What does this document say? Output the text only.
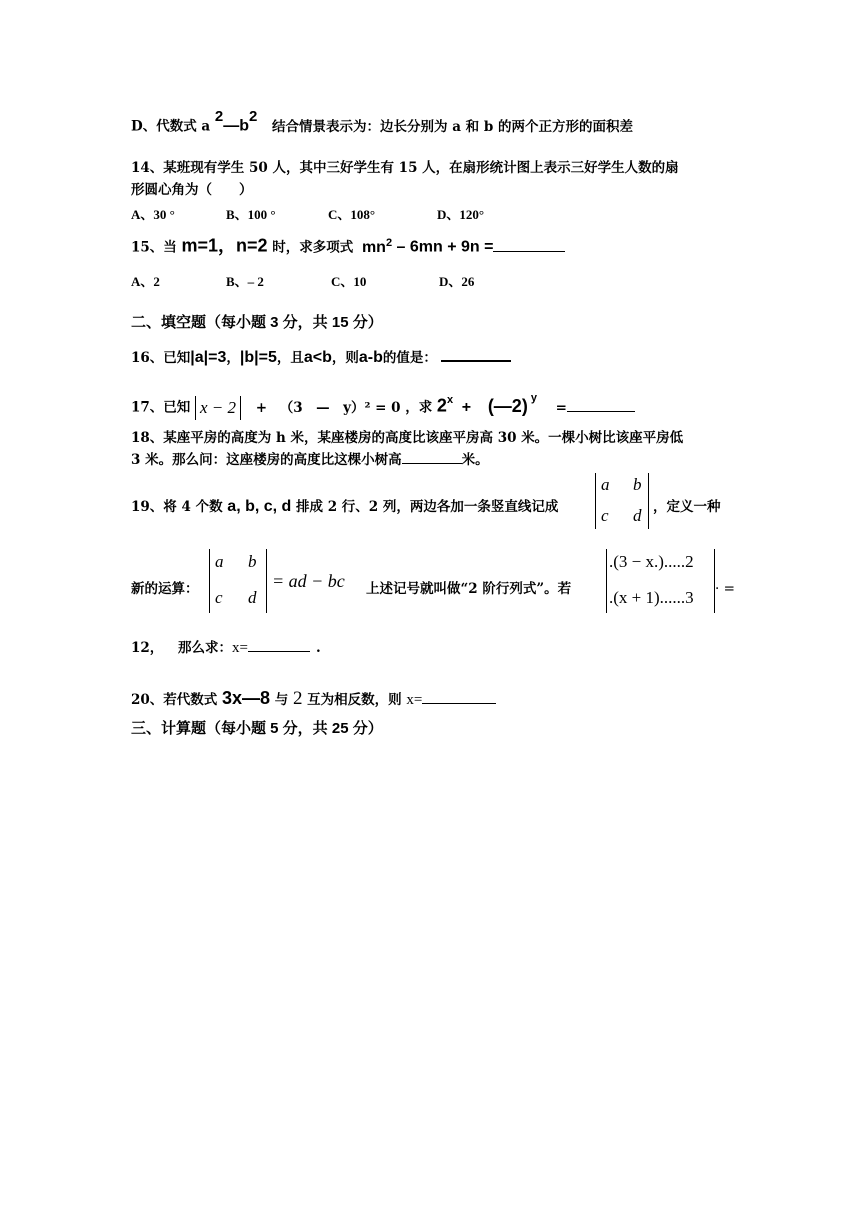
D、代数式 a $^2—b^2$ 结合情景表示为：边长分别为 a 和 b 的两个正方形的面积差
14、某班现有学生 50 人，其中三好学生有 15 人，在扇形统计图上表示三好学生人数的扇
形圆心角为（　　）
A、30 °	B、100 °	C、108°	D、120°
15、当 m=1，n=2 时，求多项式 $mn^2 - 6mn + 9n$ =
A、2	B、– 2	C、10	D、26
二、填空题（每小题 3 分，共 15 分）
16、已知|a|=3，|b|=5，且a<b，则a-b的值是：
17、已知 x − 2 + （3　—　y）² = 0 ，求 $2^x$ + (—2) $^y$ =
18、某座平房的高度为 h 米，某座楼房的高度比该座平房高 30 米。一棵小树比该座平房低
3 米。那么问：这座楼房的高度比这棵小树高	米。
19、将 4 个数 a, b, c, d 排成 2 行、2 列，两边各加一条竖直线记成
a b
c d ，定义一种
新的运算：
a b
c d
= ad − bc 上述记号就叫做“2 阶行列式”。若
.(3 − x.).....2
.(x + 1)......3 · =
12， 那么求：x=	.
20、若代数式 3x—8 与 2 互为相反数，则 x=
三、计算题（每小题 5 分，共 25 分）
